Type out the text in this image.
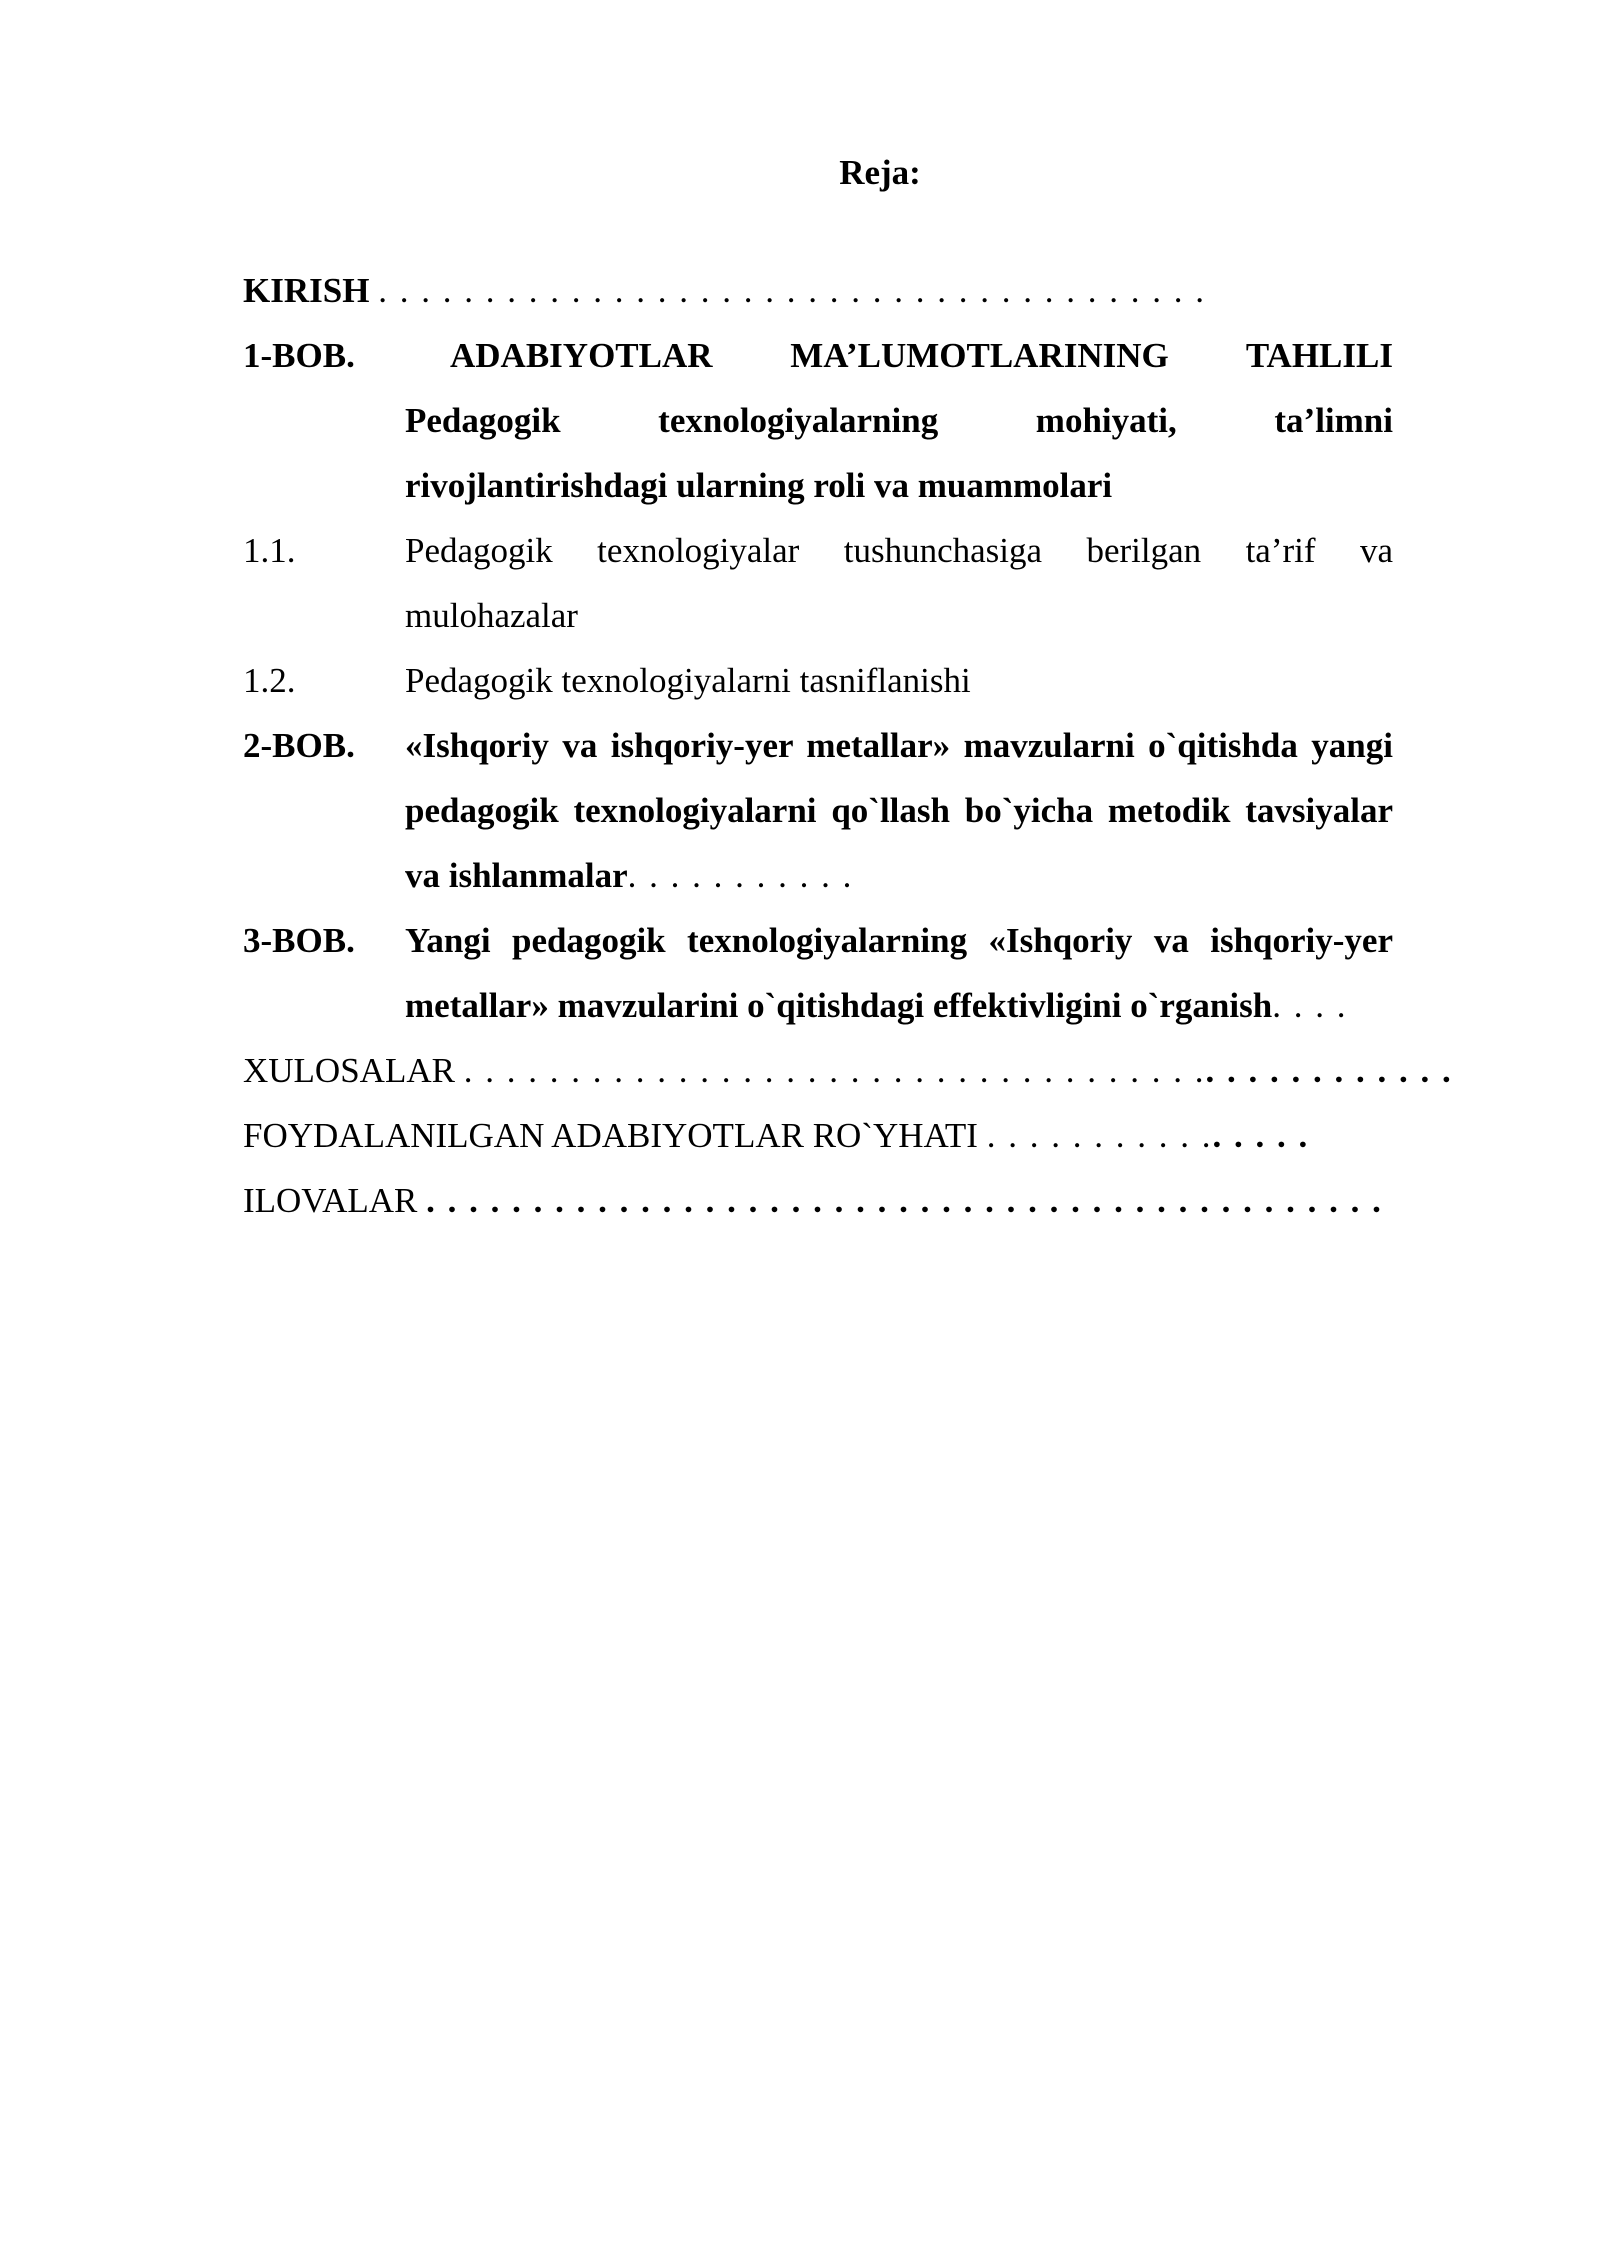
Reja:
KIRISH . . . . . . . . . . . . . . . . . . . . . . . . . . . . . . . . . . . . . . .
1-BOB.	ADABIYOTLAR MA’LUMOTLARINING TAHLILI
Pedagogik texnologiyalarning mohiyati, ta’limni
rivojlantirishdagi ularning roli va muammolari
1.1.	Pedagogik texnologiyalar tushunchasiga berilgan ta’rif va mulohazalar
1.2.	Pedagogik texnologiyalarni tasniflanishi
2-BOB.	«Ishqoriy va ishqoriy-yer metallar» mavzularni o`qitishda yangi pedagogik texnologiyalarni qo`llash bo`yicha metodik tavsiyalar va ishlanmalar. . . . . . . . . . .
3-BOB.	Yangi pedagogik texnologiyalarning «Ishqoriy va ishqoriy-yer metallar» mavzularini o`qitishdagi effektivligini o`rganish. . . .
XULOSALAR . . . . . . . . . . . . . . . . . . . . . . . . . . . . . . . . . . .. . . . . . . . . . . .
FOYDALANILGAN ADABIYOTLAR RO`YHATI . . . . . . . . . . .. . . . .
ILOVALAR . . . . . . . . . . . . . . . . . . . . . . . . . . . . . . . . . . . . . . . . . . . . .
